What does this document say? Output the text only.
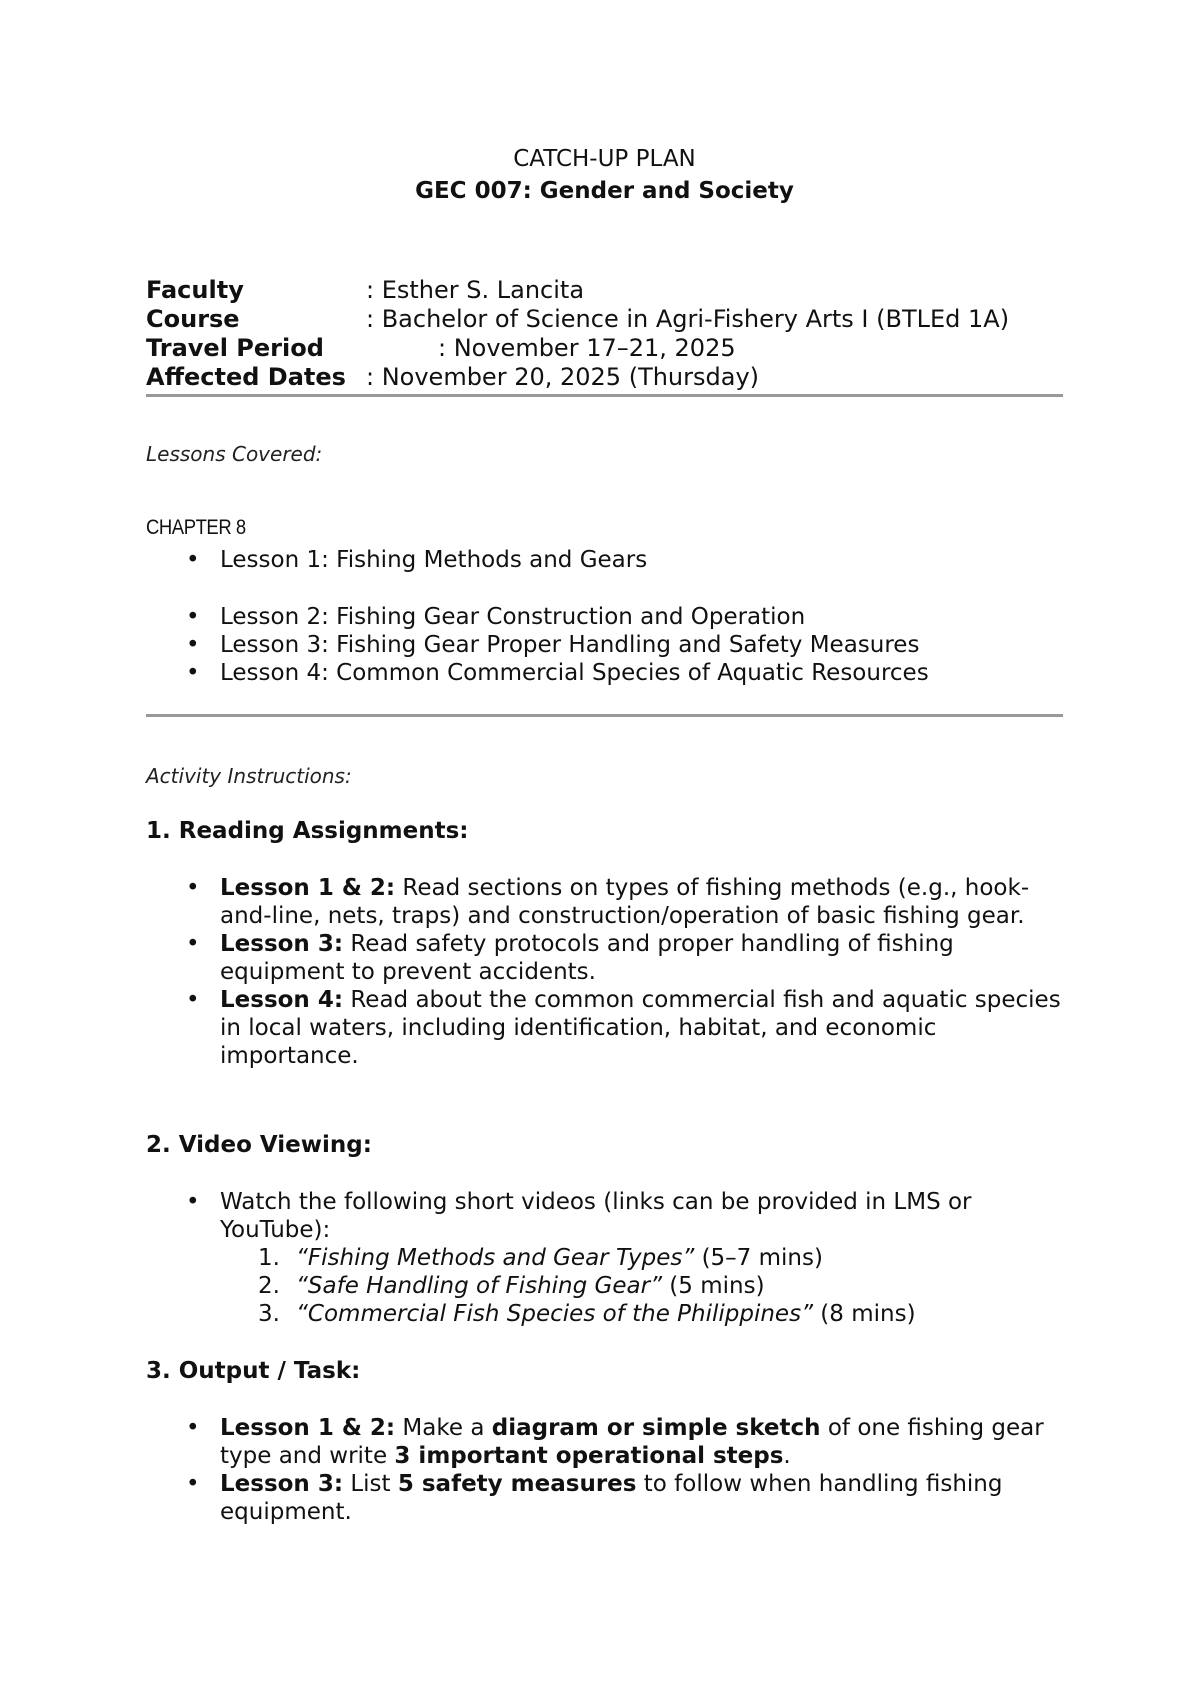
CATCH-UP PLAN
GEC 007: Gender and Society
Faculty	: Esther S. Lancita
Course	: Bachelor of Science in Agri-Fishery Arts I (BTLEd 1A)
Travel Period	: November 17–21, 2025
Affected Dates : November 20, 2025 (Thursday)
Lessons Covered:
CHAPTER 8
• Lesson 1: Fishing Methods and Gears
• Lesson 2: Fishing Gear Construction and Operation
• Lesson 3: Fishing Gear Proper Handling and Safety Measures
• Lesson 4: Common Commercial Species of Aquatic Resources
Activity Instructions:
1. Reading Assignments:
• Lesson 1 & 2: Read sections on types of fishing methods (e.g., hook-and-line, nets, traps) and construction/operation of basic fishing gear.
• Lesson 3: Read safety protocols and proper handling of fishing equipment to prevent accidents.
• Lesson 4: Read about the common commercial fish and aquatic species in local waters, including identification, habitat, and economic importance.
2. Video Viewing:
• Watch the following short videos (links can be provided in LMS or YouTube):
1. “Fishing Methods and Gear Types” (5–7 mins)
2. “Safe Handling of Fishing Gear” (5 mins)
3. “Commercial Fish Species of the Philippines” (8 mins)
3. Output / Task:
• Lesson 1 & 2: Make a diagram or simple sketch of one fishing gear type and write 3 important operational steps.
• Lesson 3: List 5 safety measures to follow when handling fishing equipment.
